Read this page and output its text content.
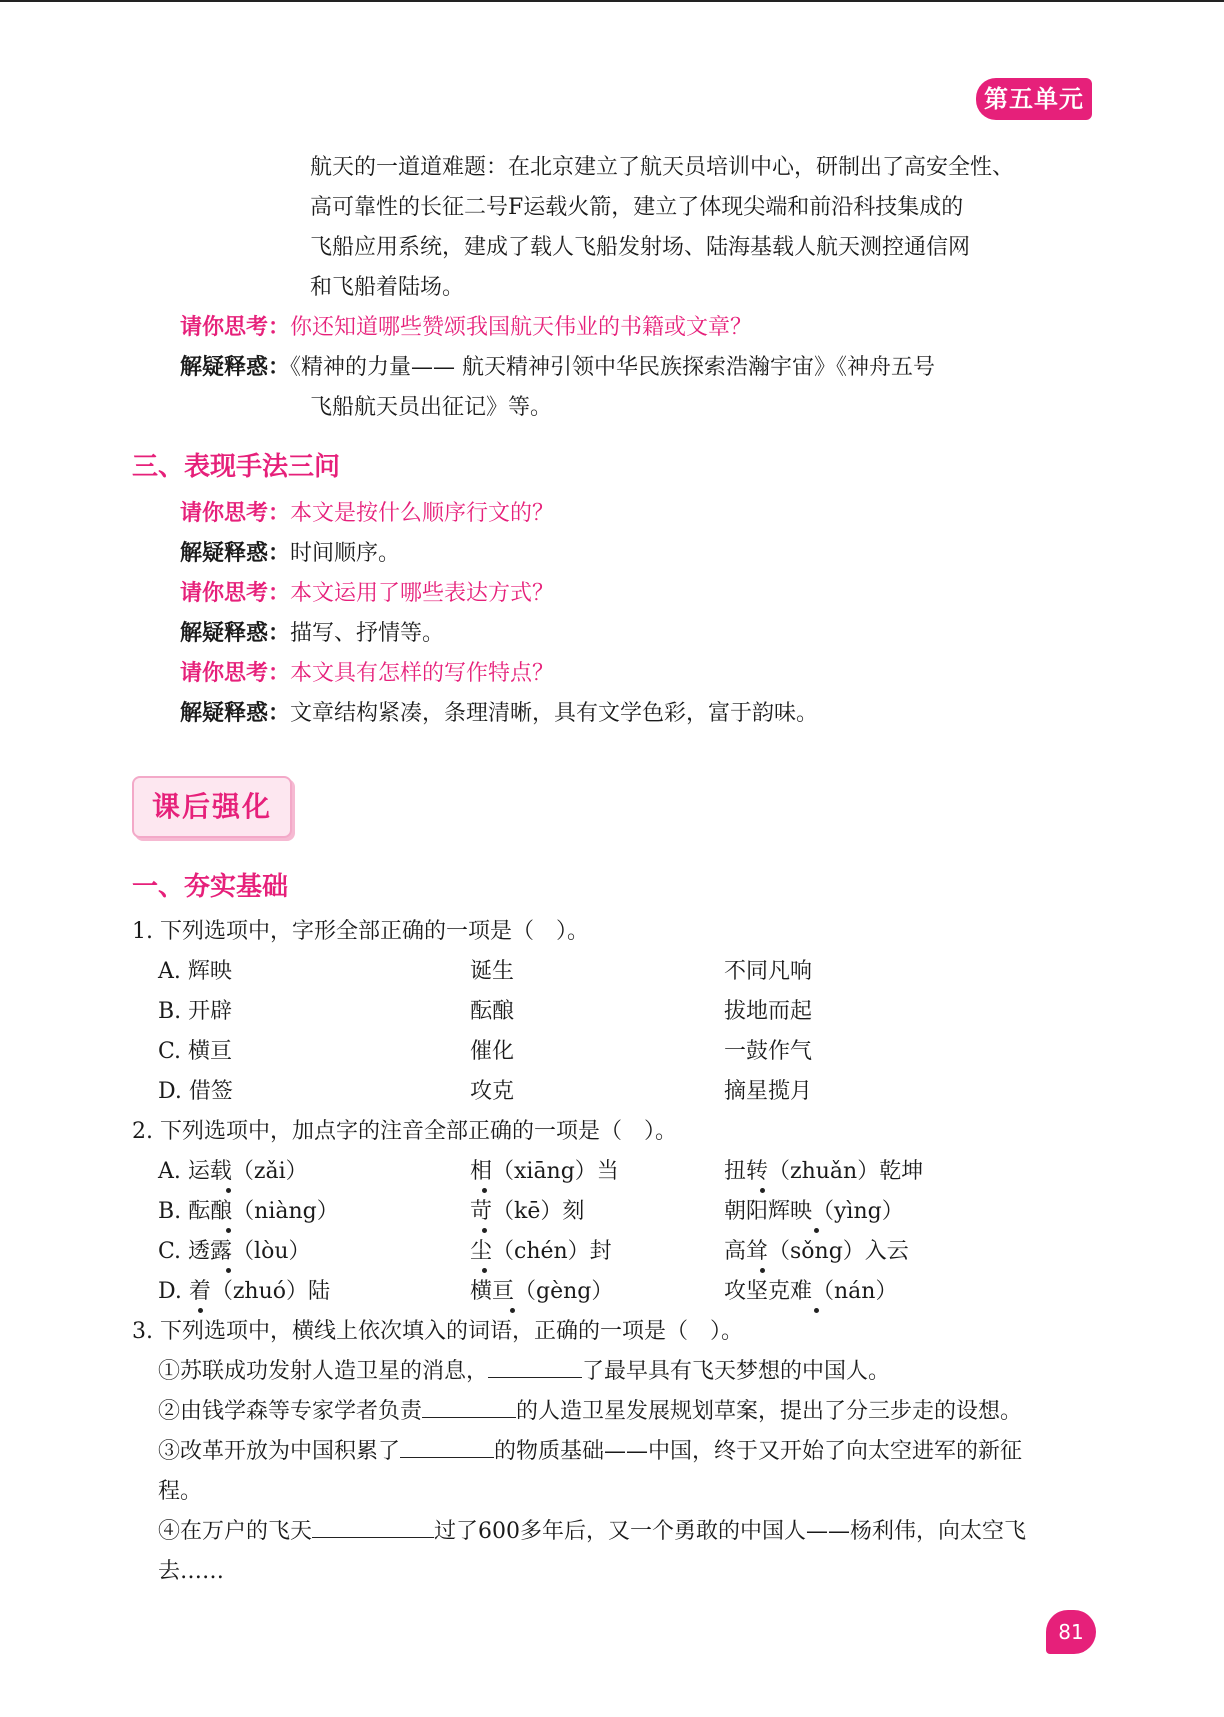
第五单元
航天的一道道难题：在北京建立了航天员培训中心，研制出了高安全性、
高可靠性的长征二号F运载火箭，建立了体现尖端和前沿科技集成的
飞船应用系统，建成了载人飞船发射场、陆海基载人航天测控通信网
和飞船着陆场。
请你思考：你还知道哪些赞颂我国航天伟业的书籍或文章？
解疑释惑：《精神的力量—— 航天精神引领中华民族探索浩瀚宇宙》《神舟五号
飞船航天员出征记》等。
三、表现手法三问
请你思考：本文是按什么顺序行文的？
解疑释惑：时间顺序。
请你思考：本文运用了哪些表达方式？
解疑释惑：描写、抒情等。
请你思考：本文具有怎样的写作特点？
解疑释惑：文章结构紧凑，条理清晰，具有文学色彩，富于韵味。
课后强化
一、夯实基础
1. 下列选项中，字形全部正确的一项是（　）。
A. 辉映	诞生	不同凡响
B. 开辟	酝酿	拔地而起
C. 横亘	催化	一鼓作气
D. 借签	攻克	摘星揽月
2. 下列选项中，加点字的注音全部正确的一项是（　）。
A. 运载（zǎi）	相（xiāng）当	扭转（zhuǎn）乾坤
B. 酝酿（niàng）	苛（kē）刻	朝阳辉映（yìng）
C. 透露（lòu）	尘（chén）封	高耸（sǒng）入云
D. 着（zhuó）陆	横亘（gèng）	攻坚克难（nán）
3. 下列选项中，横线上依次填入的词语，正确的一项是（　）。
①苏联成功发射人造卫星的消息，	了最早具有飞天梦想的中国人。
②由钱学森等专家学者负责	的人造卫星发展规划草案，提出了分三步走的设想。
③改革开放为中国积累了	的物质基础——中国，终于又开始了向太空进军的新征
程。
④在万户的飞天	过了600多年后，又一个勇敢的中国人——杨利伟，向太空飞
去……
81
